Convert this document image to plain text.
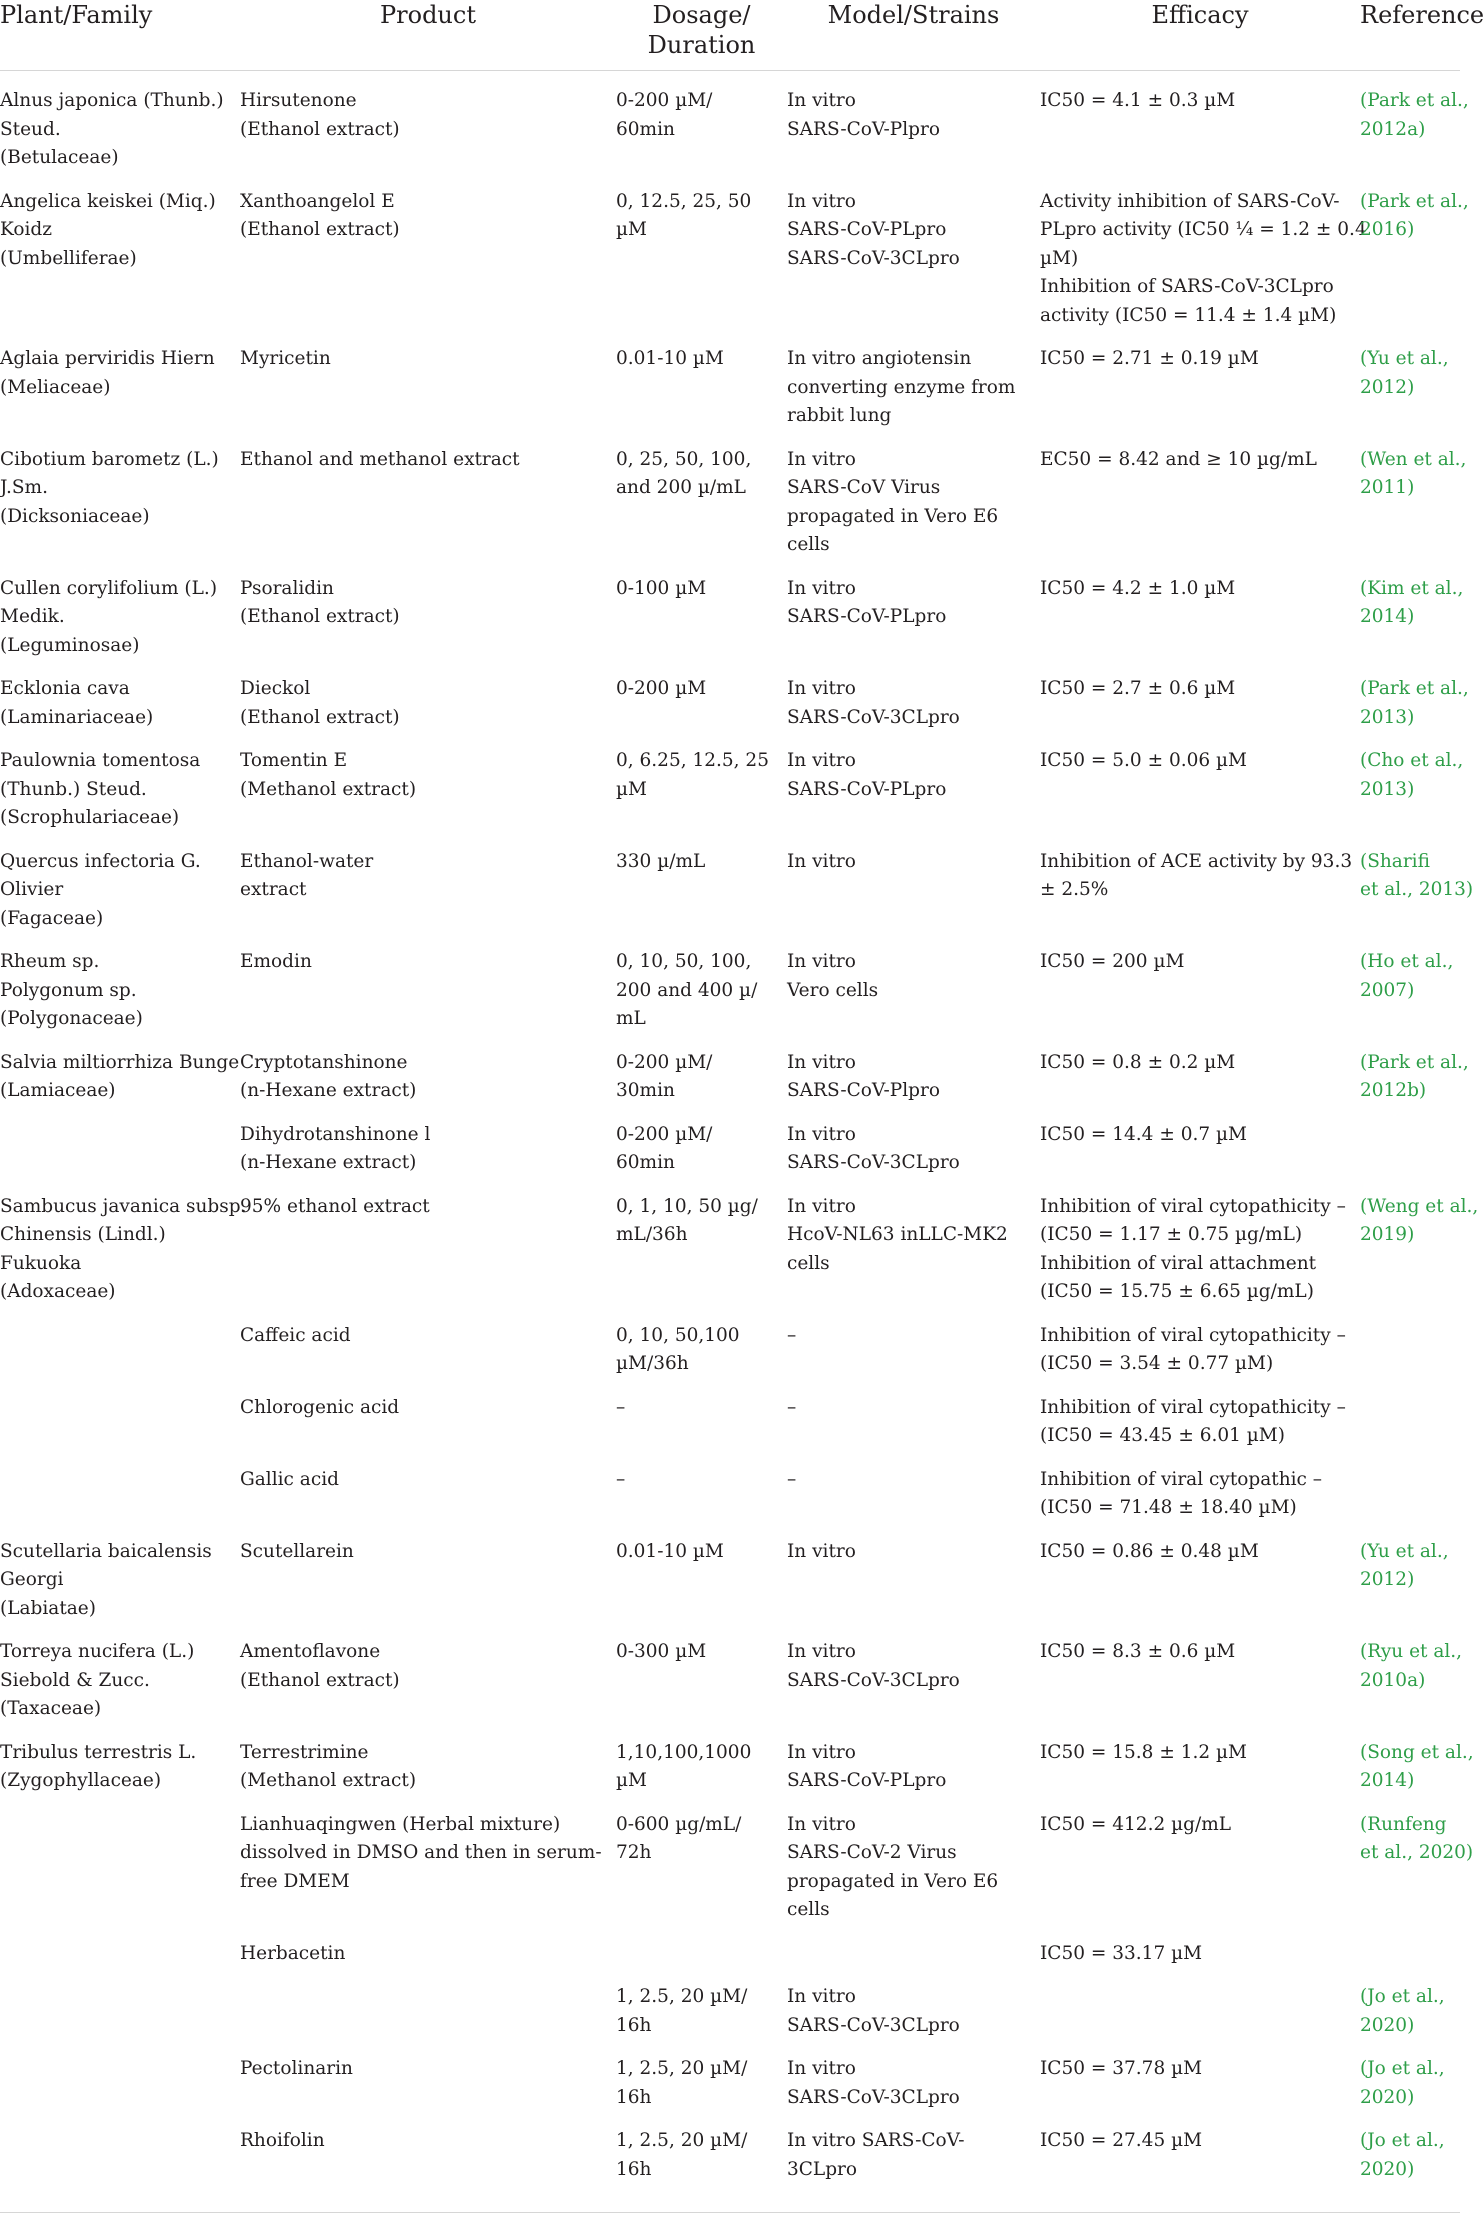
Plant/Family	Product	Dosage/
Duration	Model/Strains	Efficacy	Reference

Alnus japonica (Thunb.)
Steud.
(Betulaceae)	Hirsutenone
(Ethanol extract)	0-200 µM/
60min	In vitro
SARS-CoV-Plpro	IC50 = 4.1 ± 0.3 µM	(Park et al.,
2012a)

Angelica keiskei (Miq.)
Koidz
(Umbelliferae)	Xanthoangelol E
(Ethanol extract)	0, 12.5, 25, 50
µM	In vitro
SARS-CoV-PLpro
SARS-CoV-3CLpro	Activity inhibition of SARS-CoV-
PLpro activity (IC50 ¼ = 1.2 ± 0.4
µM)
Inhibition of SARS-CoV-3CLpro
activity (IC50 = 11.4 ± 1.4 µM)	(Park et al.,
2016)

Aglaia perviridis Hiern
(Meliaceae)	Myricetin	0.01-10 µM	In vitro angiotensin
converting enzyme from
rabbit lung	IC50 = 2.71 ± 0.19 µM	(Yu et al.,
2012)

Cibotium barometz (L.)
J.Sm.
(Dicksoniaceae)	Ethanol and methanol extract	0, 25, 50, 100,
and 200 µ/mL	In vitro
SARS-CoV Virus
propagated in Vero E6
cells	EC50 = 8.42 and ≥ 10 µg/mL	(Wen et al.,
2011)

Cullen corylifolium (L.)
Medik.
(Leguminosae)	Psoralidin
(Ethanol extract)	0-100 µM	In vitro
SARS-CoV-PLpro	IC50 = 4.2 ± 1.0 µM	(Kim et al.,
2014)

Ecklonia cava
(Laminariaceae)	Dieckol
(Ethanol extract)	0-200 µM	In vitro
SARS-CoV-3CLpro	IC50 = 2.7 ± 0.6 µM	(Park et al.,
2013)

Paulownia tomentosa
(Thunb.) Steud.
(Scrophulariaceae)	Tomentin E
(Methanol extract)	0, 6.25, 12.5, 25
µM	In vitro
SARS-CoV-PLpro	IC50 = 5.0 ± 0.06 µM	(Cho et al.,
2013)

Quercus infectoria G.
Olivier
(Fagaceae)	Ethanol-water
extract	330 µ/mL	In vitro	Inhibition of ACE activity by 93.3
± 2.5%	(Sharifi
et al., 2013)

Rheum sp.
Polygonum sp.
(Polygonaceae)	Emodin	0, 10, 50, 100,
200 and 400 µ/
mL	In vitro
Vero cells	IC50 = 200 µM	(Ho et al.,
2007)

Salvia miltiorrhiza Bunge
(Lamiaceae)	Cryptotanshinone
(n-Hexane extract)	0-200 µM/
30min	In vitro
SARS-CoV-Plpro	IC50 = 0.8 ± 0.2 µM	(Park et al.,
2012b)

	Dihydrotanshinone l
(n-Hexane extract)	0-200 µM/
60min	In vitro
SARS-CoV-3CLpro	IC50 = 14.4 ± 0.7 µM	

Sambucus javanica subsp.
Chinensis (Lindl.)
Fukuoka
(Adoxaceae)	95% ethanol extract	0, 1, 10, 50 µg/
mL/36h	In vitro
HcoV-NL63 inLLC-MK2
cells	Inhibition of viral cytopathicity –
(IC50 = 1.17 ± 0.75 µg/mL)
Inhibition of viral attachment
(IC50 = 15.75 ± 6.65 µg/mL)	(Weng et al.,
2019)

	Caffeic acid	0, 10, 50,100
µM/36h	–	Inhibition of viral cytopathicity –
(IC50 = 3.54 ± 0.77 µM)	

	Chlorogenic acid	–	–	Inhibition of viral cytopathicity –
(IC50 = 43.45 ± 6.01 µM)	

	Gallic acid	–	–	Inhibition of viral cytopathic –
(IC50 = 71.48 ± 18.40 µM)	

Scutellaria baicalensis
Georgi
(Labiatae)	Scutellarein	0.01-10 µM	In vitro	IC50 = 0.86 ± 0.48 µM	(Yu et al.,
2012)

Torreya nucifera (L.)
Siebold & Zucc.
(Taxaceae)	Amentoflavone
(Ethanol extract)	0-300 µM	In vitro
SARS-CoV-3CLpro	IC50 = 8.3 ± 0.6 µM	(Ryu et al.,
2010a)

Tribulus terrestris L.
(Zygophyllaceae)	Terrestrimine
(Methanol extract)	1,10,100,1000
µM	In vitro
SARS-CoV-PLpro	IC50 = 15.8 ± 1.2 µM	(Song et al.,
2014)

	Lianhuaqingwen (Herbal mixture)
dissolved in DMSO and then in serum-
free DMEM	0-600 µg/mL/
72h	In vitro
SARS-CoV-2 Virus
propagated in Vero E6
cells	IC50 = 412.2 µg/mL	(Runfeng
et al., 2020)

	Herbacetin			IC50 = 33.17 µM	

		1, 2.5, 20 µM/
16h	In vitro
SARS-CoV-3CLpro		(Jo et al.,
2020)

	Pectolinarin	1, 2.5, 20 µM/
16h	In vitro
SARS-CoV-3CLpro	IC50 = 37.78 µM	(Jo et al.,
2020)

	Rhoifolin	1, 2.5, 20 µM/
16h	In vitro SARS-CoV-
3CLpro	IC50 = 27.45 µM	(Jo et al.,
2020)
